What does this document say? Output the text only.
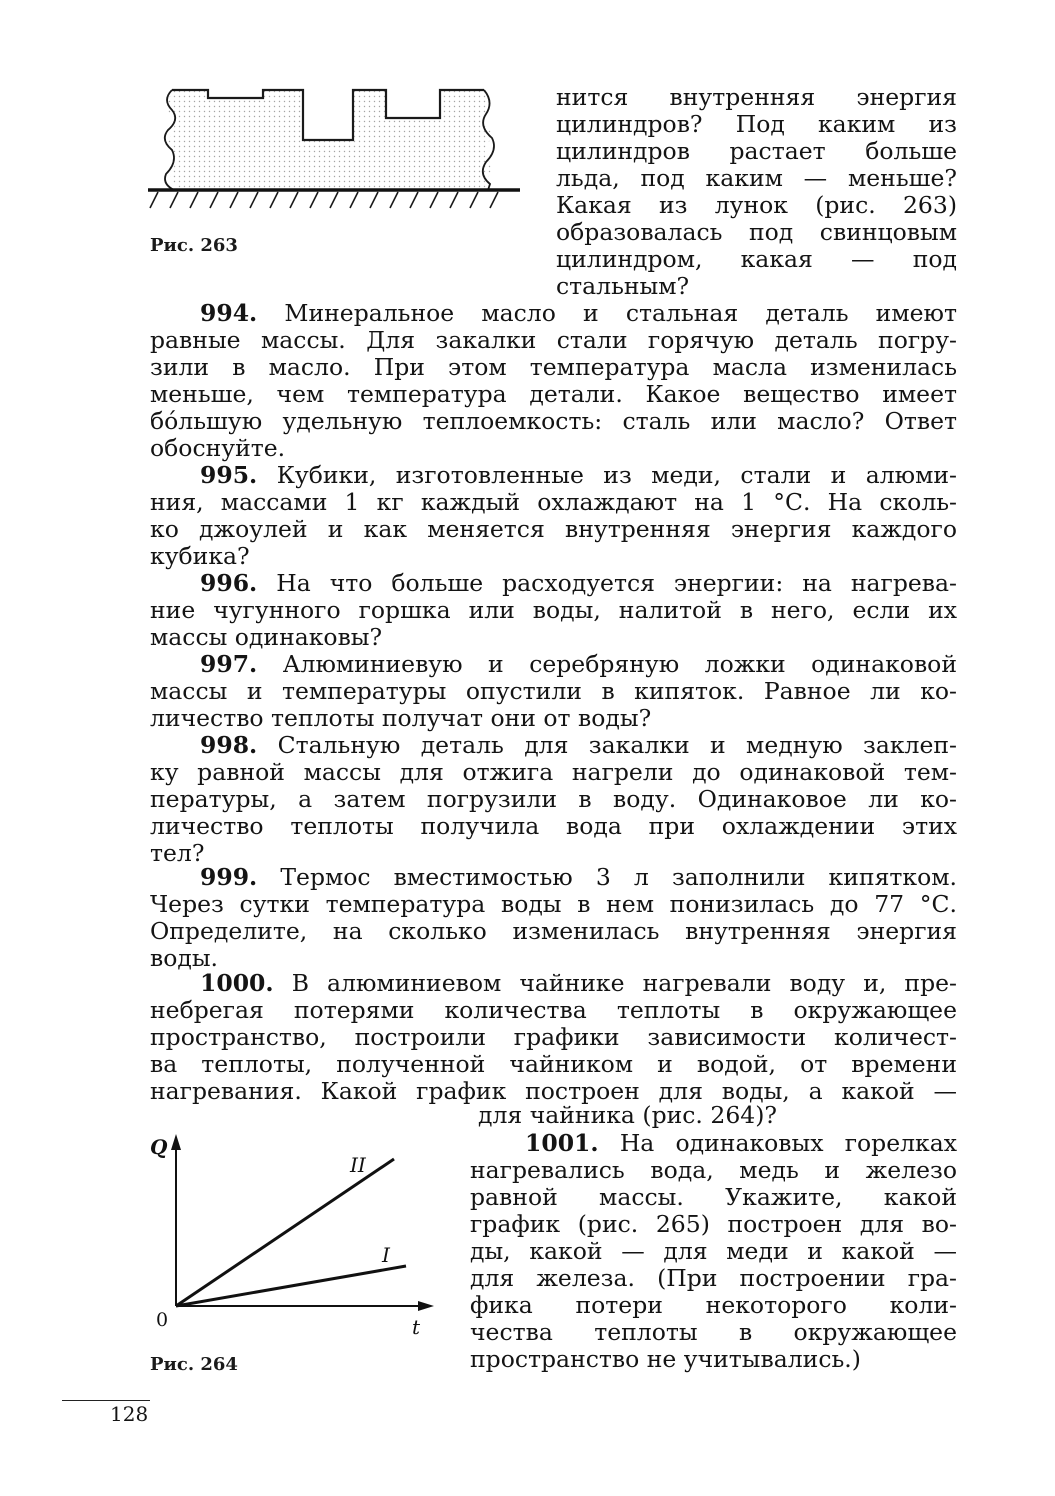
Рис. 263
нится внутренняя энергия
цилиндров? Под каким из
цилиндров растает больше
льда, под каким — меньше?
Какая из лунок (рис. 263)
образовалась под свинцовым
цилиндром, какая — под
стальным?
994. Минеральное масло и стальная деталь имеют
равные массы. Для закалки стали горячую деталь погру-
зили в масло. При этом температура масла изменилась
меньше, чем температура детали. Какое вещество имеет
бо́льшую удельную теплоемкость: сталь или масло? Ответ
обоснуйте.
995. Кубики, изготовленные из меди, стали и алюми-
ния, массами 1 кг каждый охлаждают на 1 °С. На сколь-
ко джоулей и как меняется внутренняя энергия каждого
кубика?
996. На что больше расходуется энергии: на нагрева-
ние чугунного горшка или воды, налитой в него, если их
массы одинаковы?
997. Алюминиевую и серебряную ложки одинаковой
массы и температуры опустили в кипяток. Равное ли ко-
личество теплоты получат они от воды?
998. Стальную деталь для закалки и медную заклеп-
ку равной массы для отжига нагрели до одинаковой тем-
пературы, а затем погрузили в воду. Одинаковое ли ко-
личество теплоты получила вода при охлаждении этих
тел?
999. Термос вместимостью 3 л заполнили кипятком.
Через сутки температура воды в нем понизилась до 77 °С.
Определите, на сколько изменилась внутренняя энергия
воды.
1000. В алюминиевом чайнике нагревали воду и, пре-
небрегая потерями количества теплоты в окружающее
пространство, построили графики зависимости количест-
ва теплоты, полученной чайником и водой, от времени
нагревания. Какой график построен для воды, а какой —
для чайника (рис. 264)?
Q
t
0
II
I
Рис. 264
1001. На одинаковых горелках
нагревались вода, медь и железо
равной массы. Укажите, какой
график (рис. 265) построен для во-
ды, какой — для меди и какой —
для железа. (При построении гра-
фика потери некоторого коли-
чества теплоты в окружающее
пространство не учитывались.)
128
